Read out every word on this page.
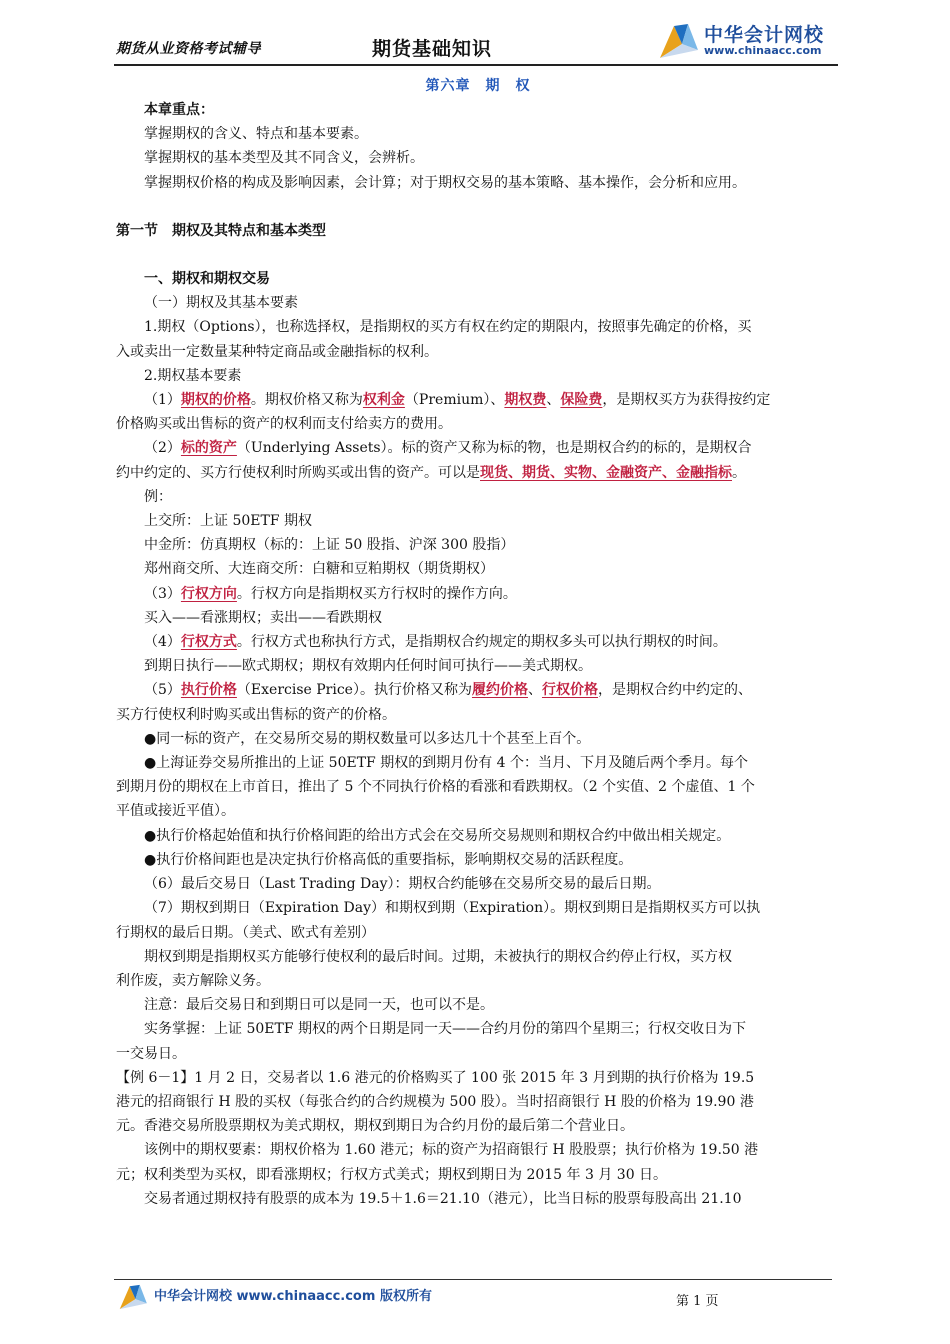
期货从业资格考试辅导	期货基础知识
中华会计网校
www.chinaacc.com
第六章　期　权
本章重点：
掌握期权的含义、特点和基本要素。
掌握期权的基本类型及其不同含义，会辨析。
掌握期权价格的构成及影响因素，会计算；对于期权交易的基本策略、基本操作，会分析和应用。
第一节　期权及其特点和基本类型
一、期权和期权交易
（一）期权及其基本要素
1.期权（Options），也称选择权，是指期权的买方有权在约定的期限内，按照事先确定的价格，买
入或卖出一定数量某种特定商品或金融指标的权利。
2.期权基本要素
（1）期权的价格。期权价格又称为权利金（Premium）、期权费、保险费，是期权买方为获得按约定
价格购买或出售标的资产的权利而支付给卖方的费用。
（2）标的资产（Underlying Assets）。标的资产又称为标的物，也是期权合约的标的，是期权合
约中约定的、买方行使权利时所购买或出售的资产。可以是现货、期货、实物、金融资产、金融指标。
例：
上交所：上证 50ETF 期权
中金所：仿真期权（标的：上证 50 股指、沪深 300 股指）
郑州商交所、大连商交所：白糖和豆粕期权（期货期权）
（3）行权方向。行权方向是指期权买方行权时的操作方向。
买入——看涨期权；卖出——看跌期权
（4）行权方式。行权方式也称执行方式，是指期权合约规定的期权多头可以执行期权的时间。
到期日执行——欧式期权；期权有效期内任何时间可执行——美式期权。
（5）执行价格（Exercise Price）。执行价格又称为履约价格、行权价格，是期权合约中约定的、
买方行使权利时购买或出售标的资产的价格。
●同一标的资产，在交易所交易的期权数量可以多达几十个甚至上百个。
●上海证券交易所推出的上证 50ETF 期权的到期月份有 4 个：当月、下月及随后两个季月。每个
到期月份的期权在上市首日，推出了 5 个不同执行价格的看涨和看跌期权。（2 个实值、2 个虚值、1 个
平值或接近平值）。
●执行价格起始值和执行价格间距的给出方式会在交易所交易规则和期权合约中做出相关规定。
●执行价格间距也是决定执行价格高低的重要指标，影响期权交易的活跃程度。
（6）最后交易日（Last Trading Day）：期权合约能够在交易所交易的最后日期。
（7）期权到期日（Expiration Day）和期权到期（Expiration）。期权到期日是指期权买方可以执
行期权的最后日期。（美式、欧式有差别）
期权到期是指期权买方能够行使权利的最后时间。过期，未被执行的期权合约停止行权，买方权
利作废，卖方解除义务。
注意：最后交易日和到期日可以是同一天，也可以不是。
实务掌握：上证 50ETF 期权的两个日期是同一天——合约月份的第四个星期三；行权交收日为下
一交易日。
【例 6－1】1 月 2 日，交易者以 1.6 港元的价格购买了 100 张 2015 年 3 月到期的执行价格为 19.5
港元的招商银行 H 股的买权（每张合约的合约规模为 500 股）。当时招商银行 H 股的价格为 19.90 港
元。香港交易所股票期权为美式期权，期权到期日为合约月份的最后第二个营业日。
该例中的期权要素：期权价格为 1.60 港元；标的资产为招商银行 H 股股票；执行价格为 19.50 港
元；权利类型为买权，即看涨期权；行权方式美式；期权到期日为 2015 年 3 月 30 日。
交易者通过期权持有股票的成本为 19.5＋1.6＝21.10（港元），比当日标的股票每股高出 21.10
中华会计网校 www.chinaacc.com 版权所有	第 1 页
